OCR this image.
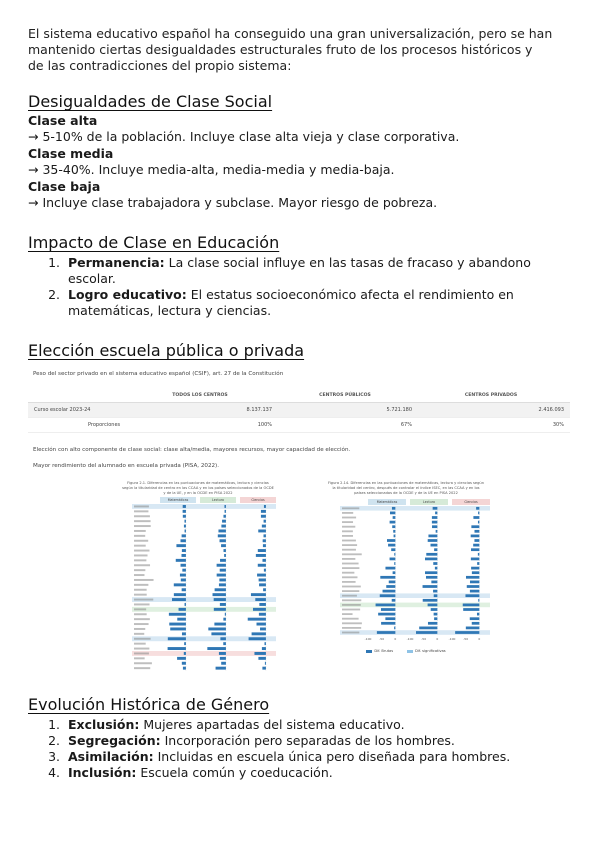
El sistema educativo español ha conseguido una gran universalización, pero se han
mantenido ciertas desigualdades estructurales fruto de los procesos históricos y
de las contradicciones del propio sistema:
Desigualdades de Clase Social
Clase alta
→ 5-10% de la población. Incluye clase alta vieja y clase corporativa.
Clase media
→ 35-40%. Incluye media-alta, media-media y media-baja.
Clase baja
→ Incluye clase trabajadora y subclase. Mayor riesgo de pobreza.
Impacto de Clase en Educación
1. Permanencia: La clase social influye en las tasas de fracaso y abandono escolar.
2. Logro educativo: El estatus socioeconómico afecta el rendimiento en
matemáticas, lectura y ciencias.
Elección escuela pública o privada
Peso del sector privado en el sistema educativo español (CSIF), art. 27 de la Constitución
TODOS LOS CENTROS	CENTROS PÚBLICOS	CENTROS PRIVADOS
Curso escolar 2023-24	8.137.137	5.721.180	2.416.093
Proporciones	100%	67%	30%
Elección con alto componente de clase social: clase alta/media, mayores recursos, mayor capacidad de elección.
Mayor rendimiento del alumnado en escuela privada (PISA, 2022).
Figura 2.1. Diferencias en las puntuaciones de matemáticas, lectura y ciencias
según la titularidad de centro en las CCAA y en los países seleccionados de la OCDE
y de la UE, y en la OCDE en PISA 2022
Matemáticas	Lectura	Ciencias
Figura 2.14. Diferencias en las puntuaciones de matemáticas, lectura y ciencias según
la titularidad del centro, después de controlar el índice ISEC, en las CCAA y en los
países seleccionados de la OCDE y de la UE en PISA 2022
Matemáticas	Lectura	Ciencias
-100	-50	0	-100	-50	0	-100	-50	0
Dif. Brutas	Dif. significativas
Evolución Histórica de Género
1. Exclusión: Mujeres apartadas del sistema educativo.
2. Segregación: Incorporación pero separadas de los hombres.
3. Asimilación: Incluidas en escuela única pero diseñada para hombres.
4. Inclusión: Escuela común y coeducación.
